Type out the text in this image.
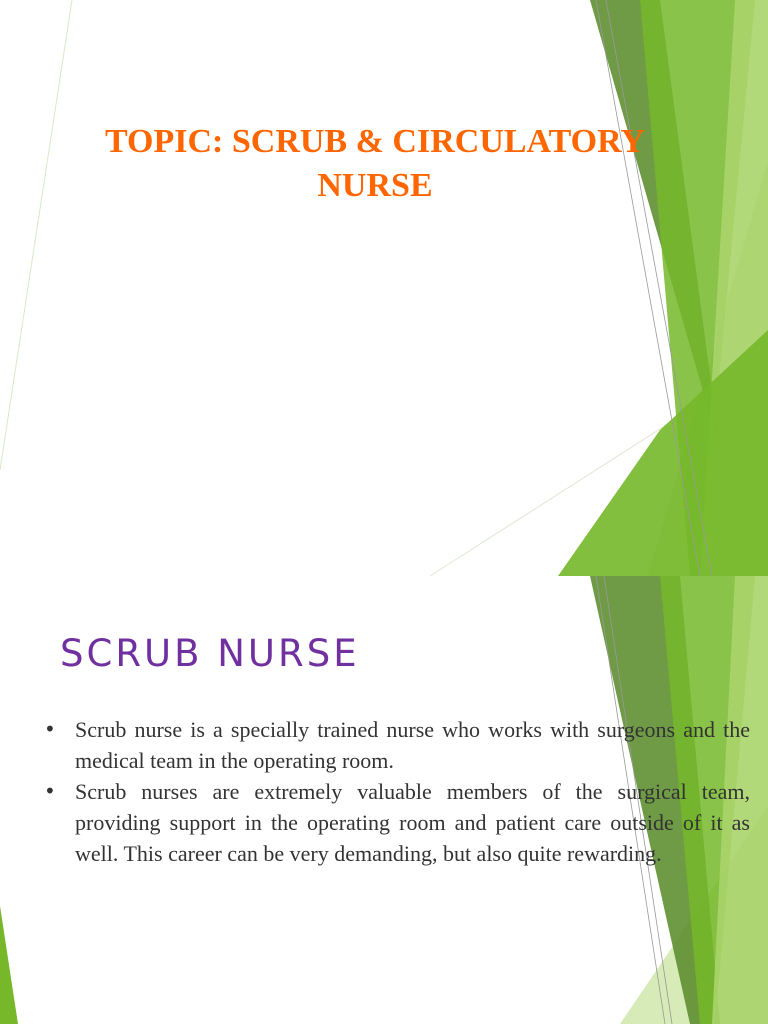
TOPIC: SCRUB & CIRCULATORY
NURSE
SCRUB NURSE
• Scrub nurse is a specially trained nurse who works with surgeons and the medical team in the operating room.
• Scrub nurses are extremely valuable members of the surgical team, providing support in the operating room and patient care outside of it as well. This career can be very demanding, but also quite rewarding.
